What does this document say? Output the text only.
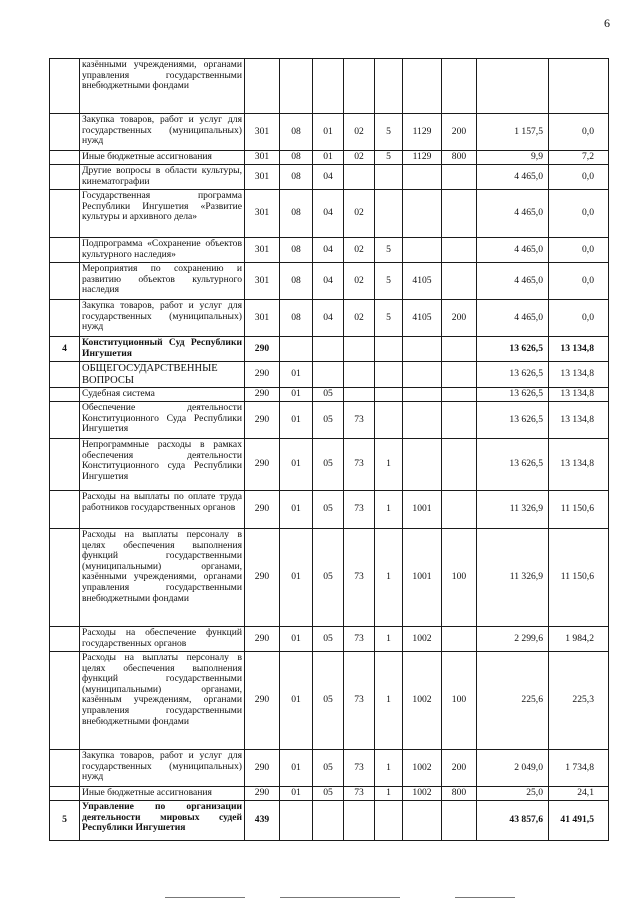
6
	казёнными учреждениями, органами управления государственными внебюджетными фондами									
	Закупка товаров, работ и услуг для государственных (муниципальных) нужд	301	08	01	02	5	1129	200	1 157,5	0,0
	Иные бюджетные ассигнования	301	08	01	02	5	1129	800	9,9	7,2
	Другие вопросы в области культуры, кинематографии	301	08	04					4 465,0	0,0
	Государственная программа Республики Ингушетия «Развитие культуры и архивного дела»	301	08	04	02				4 465,0	0,0
	Подпрограмма «Сохранение объектов культурного наследия»	301	08	04	02	5			4 465,0	0,0
	Мероприятия по сохранению и развитию объектов культурного наследия	301	08	04	02	5	4105		4 465,0	0,0
	Закупка товаров, работ и услуг для государственных (муниципальных) нужд	301	08	04	02	5	4105	200	4 465,0	0,0
4	Конституционный Суд Республики Ингушетия	290							13 626,5	13 134,8
	ОБЩЕГОСУДАРСТВЕННЫЕ ВОПРОСЫ	290	01						13 626,5	13 134,8
	Судебная система	290	01	05					13 626,5	13 134,8
	Обеспечение деятельности Конституционного Суда Республики Ингушетия	290	01	05	73				13 626,5	13 134,8
	Непрограммные расходы в рамках обеспечения деятельности Конституционного суда Республики Ингушетия	290	01	05	73	1			13 626,5	13 134,8
	Расходы на выплаты по оплате труда работников государственных органов	290	01	05	73	1	1001		11 326,9	11 150,6
	Расходы на выплаты персоналу в целях обеспечения выполнения функций государственными (муниципальными) органами, казёнными учреждениями, органами управления государственными внебюджетными фондами	290	01	05	73	1	1001	100	11 326,9	11 150,6
	Расходы на обеспечение функций государственных органов	290	01	05	73	1	1002		2 299,6	1 984,2
	Расходы на выплаты персоналу в целях обеспечения выполнения функций государственными (муниципальными) органами, казённым учреждениям, органами управления государственными внебюджетными фондами	290	01	05	73	1	1002	100	225,6	225,3
	Закупка товаров, работ и услуг для государственных (муниципальных) нужд	290	01	05	73	1	1002	200	2 049,0	1 734,8
	Иные бюджетные ассигнования	290	01	05	73	1	1002	800	25,0	24,1
5	Управление по организации деятельности мировых судей Республики Ингушетия	439							43 857,6	41 491,5
